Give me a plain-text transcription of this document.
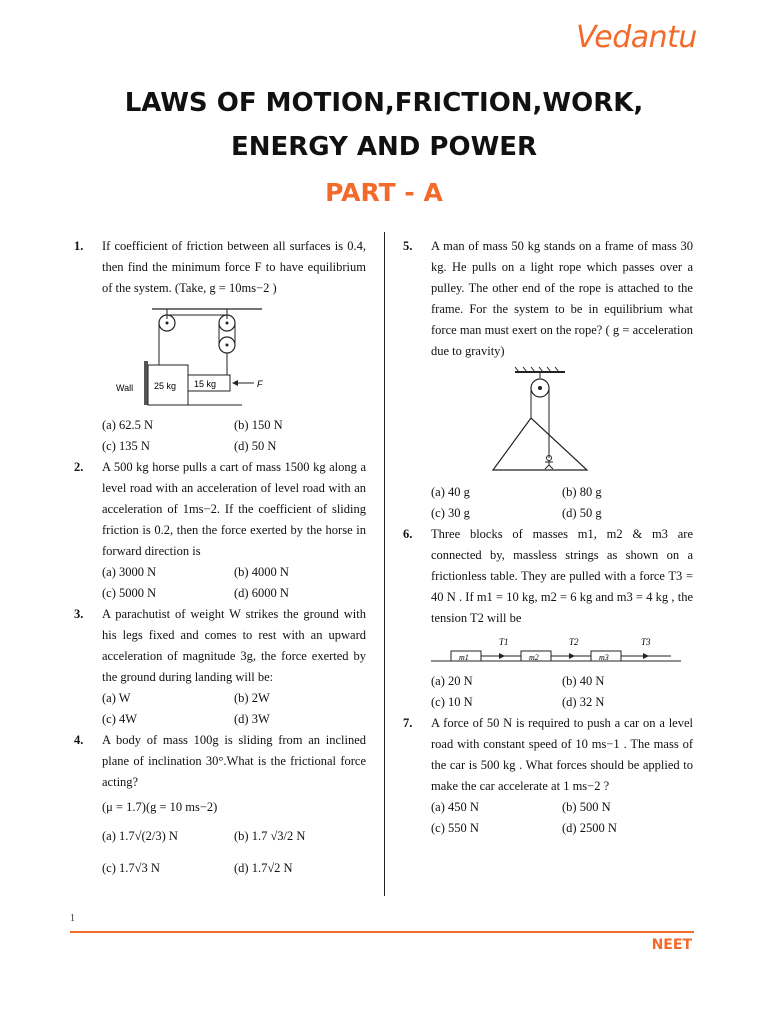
Vedantu
LAWS OF MOTION,FRICTION,WORK,
ENERGY AND POWER
PART - A
1. If coefficient of friction between all surfaces is 0.4, then find the minimum force F to have equilibrium of the system. (Take, g = 10ms−2 )
Wall 25 kg 15 kg	F
(a) 62.5 N	(b) 150 N
(c) 135 N	(d) 50 N
2. A 500 kg horse pulls a cart of mass 1500 kg along a level road with an acceleration of level road with an acceleration of 1ms−2. If the coefficient of sliding friction is 0.2, then the force exerted by the horse in forward direction is
(a) 3000 N	(b) 4000 N
(c) 5000 N	(d) 6000 N
3. A parachutist of weight W strikes the ground with his legs fixed and comes to rest with an upward acceleration of magnitude 3g, the force exerted by the ground during landing will be:
(a) W	(b) 2W
(c) 4W	(d) 3W
4. A body of mass 100g is sliding from an inclined plane of inclination 30°.What is the frictional force acting?
(μ = 1.7)(g = 10 ms−2)
(a) 1.7√(2/3) N	(b) 1.7 √3/2 N
(c) 1.7√3 N	(d) 1.7√2 N
5. A man of mass 50 kg stands on a frame of mass 30 kg. He pulls on a light rope which passes over a pulley. The other end of the rope is attached to the frame. For the system to be in equilibrium what force man must exert on the rope? ( g = acceleration due to gravity)
(a) 40 g	(b) 80 g
(c) 30 g	(d) 50 g
6. Three blocks of masses m1, m2 & m3 are connected by, massless strings as shown on a frictionless table. They are pulled with a force T3 = 40 N . If m1 = 10 kg, m2 = 6 kg and m3 = 4 kg , the tension T2 will be
m1	m2	m3
T1	T2	T3
(a) 20 N	(b) 40 N
(c) 10 N	(d) 32 N
7. A force of 50 N is required to push a car on a level road with constant speed of 10 ms−1 . The mass of the car is 500 kg . What forces should be applied to make the car accelerate at 1 ms−2 ?
(a) 450 N	(b) 500 N
(c) 550 N	(d) 2500 N
1
NEET
